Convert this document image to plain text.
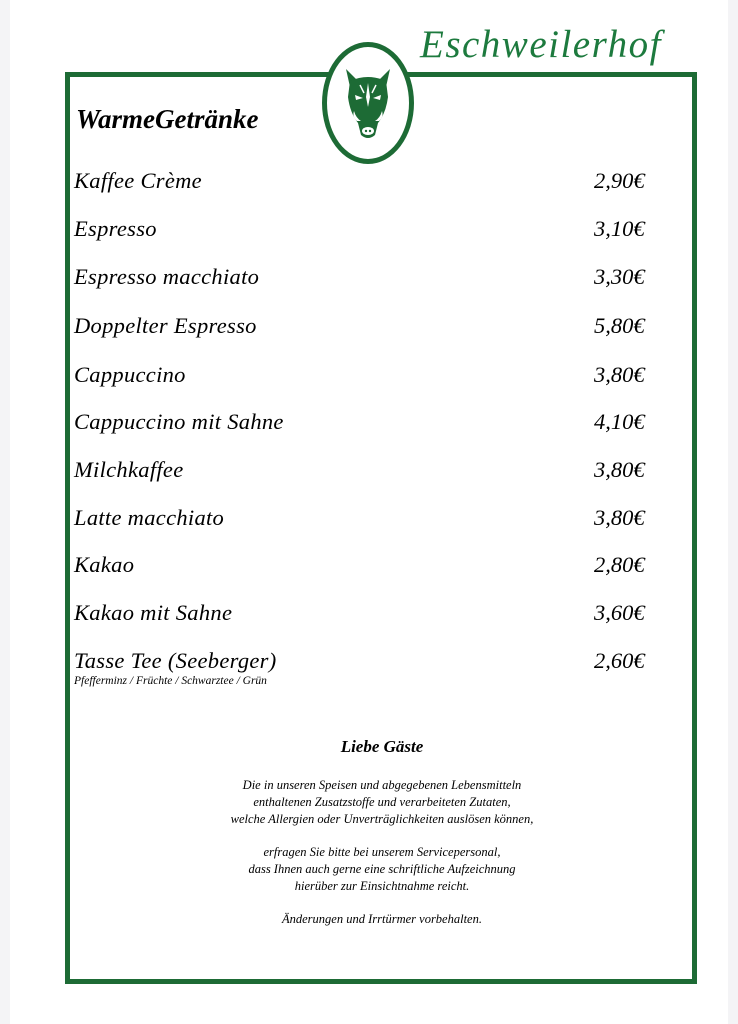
Eschweilerhof
WarmeGetränke
Kaffee Crème	2,90€
Espresso	3,10€
Espresso macchiato	3,30€
Doppelter Espresso	5,80€
Cappuccino	3,80€
Cappuccino mit Sahne	4,10€
Milchkaffee	3,80€
Latte macchiato	3,80€
Kakao	2,80€
Kakao mit Sahne	3,60€
Tasse Tee (Seeberger)	2,60€
Pfefferminz / Früchte / Schwarztee / Grün
Liebe Gäste
Die in unseren Speisen und abgegebenen Lebensmitteln
enthaltenen Zusatzstoffe und verarbeiteten Zutaten,
welche Allergien oder Unverträglichkeiten auslösen können,
erfragen Sie bitte bei unserem Servicepersonal,
dass Ihnen auch gerne eine schriftliche Aufzeichnung
hierüber zur Einsichtnahme reicht.
Änderungen und Irrtürmer vorbehalten.
